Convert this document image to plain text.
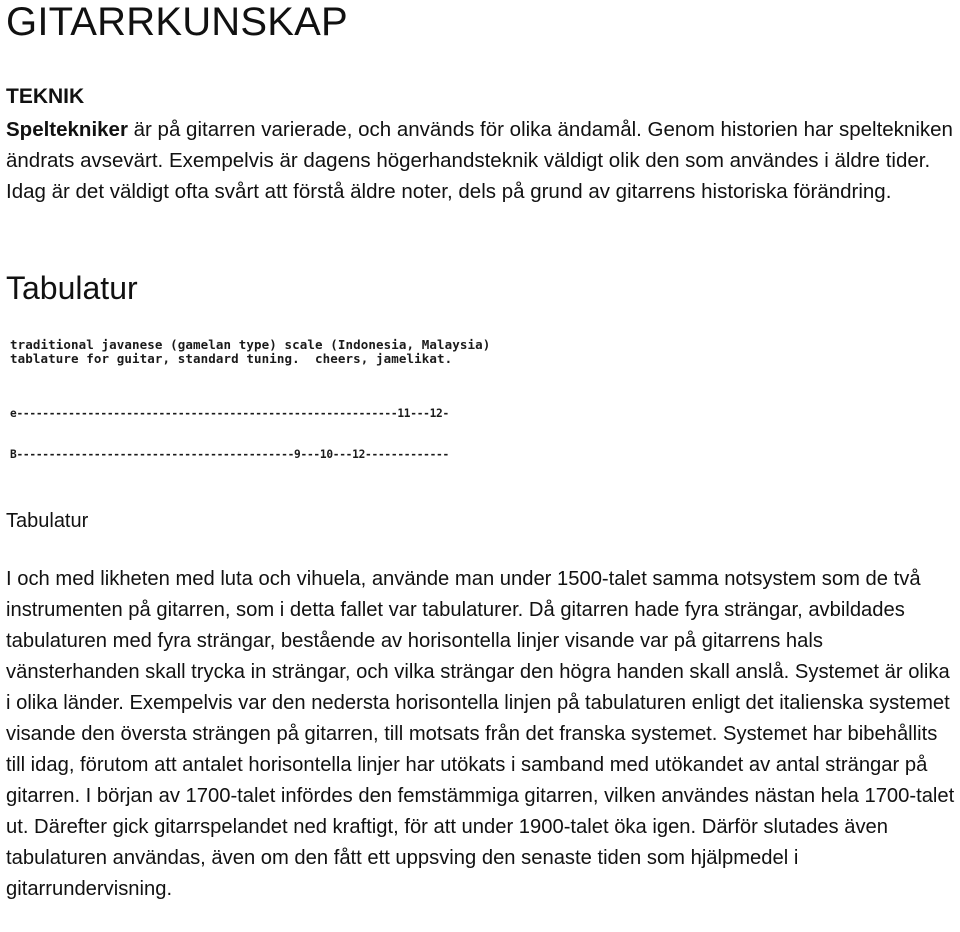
GITARRKUNSKAP
TEKNIK

Speltekniker är på gitarren varierade, och används för olika ändamål. Genom historien har speltekniken ändrats avsevärt. Exempelvis är dagens högerhandsteknik väldigt olik den som användes i äldre tider. Idag är det väldigt ofta svårt att förstå äldre noter, dels på grund av gitarrens historiska förändring.

Tabulatur
traditional javanese (gamelan type) scale (Indonesia, Malaysia)
tablature for guitar, standard tuning.  cheers, jamelikat.

e-----------------------------------------------------------11---12-

B-------------------------------------------9---10---12-------------

Tabulatur

I och med likheten med luta och vihuela, använde man under 1500-talet samma notsystem som de två instrumenten på gitarren, som i detta fallet var tabulaturer. Då gitarren hade fyra strängar, avbildades tabulaturen med fyra strängar, bestående av horisontella linjer visande var på gitarrens hals vänsterhanden skall trycka in strängar, och vilka strängar den högra handen skall anslå. Systemet är olika i olika länder. Exempelvis var den nedersta horisontella linjen på tabulaturen enligt det italienska systemet visande den översta strängen på gitarren, till motsats från det franska systemet. Systemet har bibehållits till idag, förutom att antalet horisontella linjer har utökats i samband med utökandet av antal strängar på gitarren. I början av 1700-talet infördes den femstämmiga gitarren, vilken användes nästan hela 1700-talet ut. Därefter gick gitarrspelandet ned kraftigt, för att under 1900-talet öka igen. Därför slutades även tabulaturen användas, även om den fått ett uppsving den senaste tiden som hjälpmedel i gitarrundervisning.
